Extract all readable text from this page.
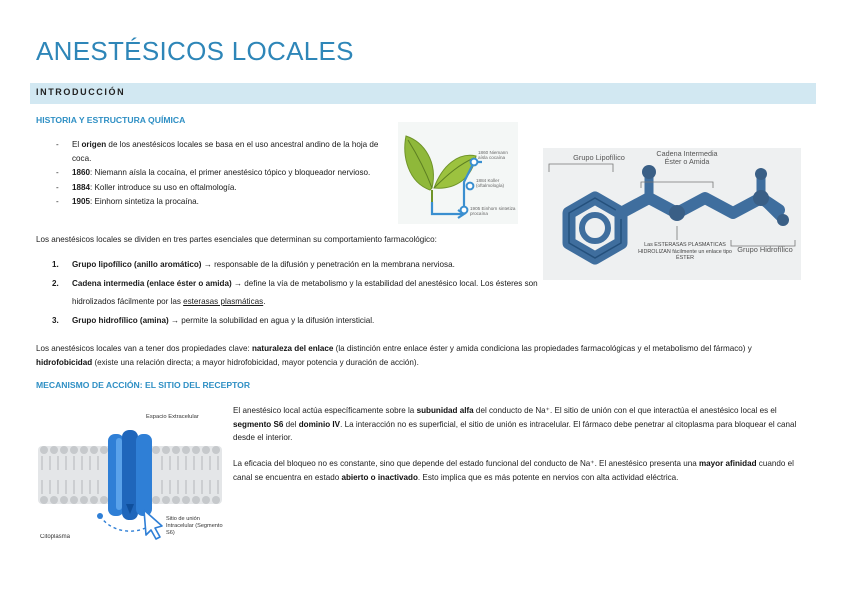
ANESTÉSICOS LOCALES
INTRODUCCIÓN
HISTORIA Y ESTRUCTURA QUÍMICA
- El origen de los anestésicos locales se basa en el uso ancestral andino de la hoja de coca.
- 1860: Niemann aísla la cocaína, el primer anestésico tópico y bloqueador nervioso.
- 1884: Koller introduce su uso en oftalmología.
- 1905: Einhorn sintetiza la procaína.
1860 Niemann aísla cocaína
1884 Koller (oftalmología)
1905 Einhorn sintetiza procaína
Grupo Lipofílico	Cadena Intermedia Éster o Amida
Las ESTERASAS PLASMÁTICAS HIDROLIZAN fácilmente un enlace tipo ÉSTER
Grupo Hidrofílico
Los anestésicos locales se dividen en tres partes esenciales que determinan su comportamiento farmacológico:
1. Grupo lipofílico (anillo aromático) → responsable de la difusión y penetración en la membrana nerviosa.
2. Cadena intermedia (enlace éster o amida) → define la vía de metabolismo y la estabilidad del anestésico local. Los ésteres son hidrolizados fácilmente por las esterasas plasmáticas.
3. Grupo hidrofílico (amina) → permite la solubilidad en agua y la difusión intersticial.
Los anestésicos locales van a tener dos propiedades clave: naturaleza del enlace (la distinción entre enlace éster y amida condiciona las propiedades farmacológicas y el metabolismo del fármaco) y hidrofobicidad (existe una relación directa; a mayor hidrofobicidad, mayor potencia y duración de acción).
MECANISMO DE ACCIÓN: EL SITIO DEL RECEPTOR
Espacio Extracelular
Citoplasma
Sitio de unión Intracelular (Segmento S6)
El anestésico local actúa específicamente sobre la subunidad alfa del conducto de Na⁺. El sitio de unión con el que interactúa el anestésico local es el segmento S6 del dominio IV. La interacción no es superficial, el sitio de unión es intracelular. El fármaco debe penetrar al citoplasma para bloquear el canal desde el interior.
La eficacia del bloqueo no es constante, sino que depende del estado funcional del conducto de Na⁺. El anestésico presenta una mayor afinidad cuando el canal se encuentra en estado abierto o inactivado. Esto implica que es más potente en nervios con alta actividad eléctrica.
